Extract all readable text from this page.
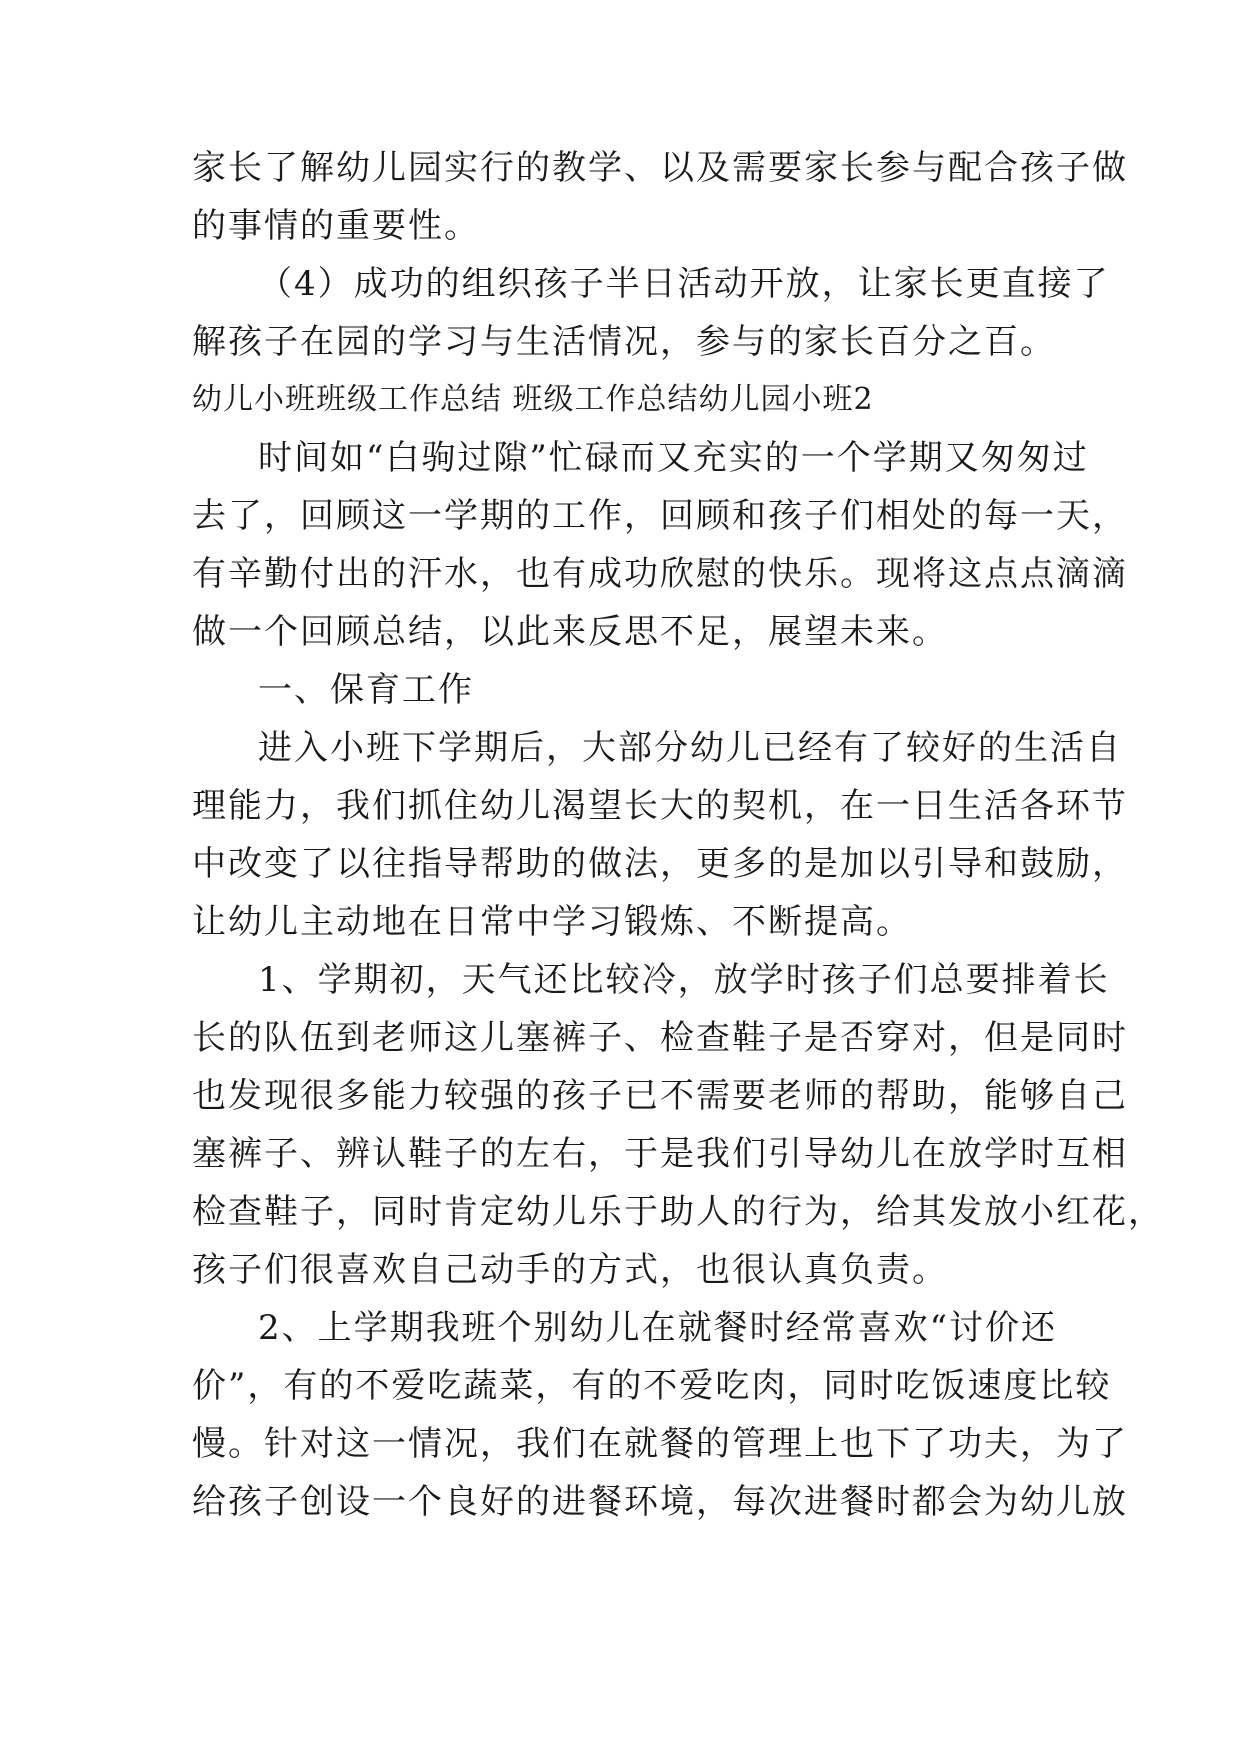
家长了解幼儿园实行的教学、以及需要家长参与配合孩子做
的事情的重要性。
（4）成功的组织孩子半日活动开放，让家长更直接了
解孩子在园的学习与生活情况，参与的家长百分之百。
幼儿小班班级工作总结 班级工作总结幼儿园小班2
时间如“白驹过隙”忙碌而又充实的一个学期又匆匆过
去了，回顾这一学期的工作，回顾和孩子们相处的每一天，
有辛勤付出的汗水，也有成功欣慰的快乐。现将这点点滴滴
做一个回顾总结，以此来反思不足，展望未来。
一、保育工作
进入小班下学期后，大部分幼儿已经有了较好的生活自
理能力，我们抓住幼儿渴望长大的契机，在一日生活各环节
中改变了以往指导帮助的做法，更多的是加以引导和鼓励，
让幼儿主动地在日常中学习锻炼、不断提高。
1、学期初，天气还比较冷，放学时孩子们总要排着长
长的队伍到老师这儿塞裤子、检查鞋子是否穿对，但是同时
也发现很多能力较强的孩子已不需要老师的帮助，能够自己
塞裤子、辨认鞋子的左右，于是我们引导幼儿在放学时互相
检查鞋子，同时肯定幼儿乐于助人的行为，给其发放小红花，
孩子们很喜欢自己动手的方式，也很认真负责。
2、上学期我班个别幼儿在就餐时经常喜欢“讨价还
价”，有的不爱吃蔬菜，有的不爱吃肉，同时吃饭速度比较
慢。针对这一情况，我们在就餐的管理上也下了功夫，为了
给孩子创设一个良好的进餐环境，每次进餐时都会为幼儿放
